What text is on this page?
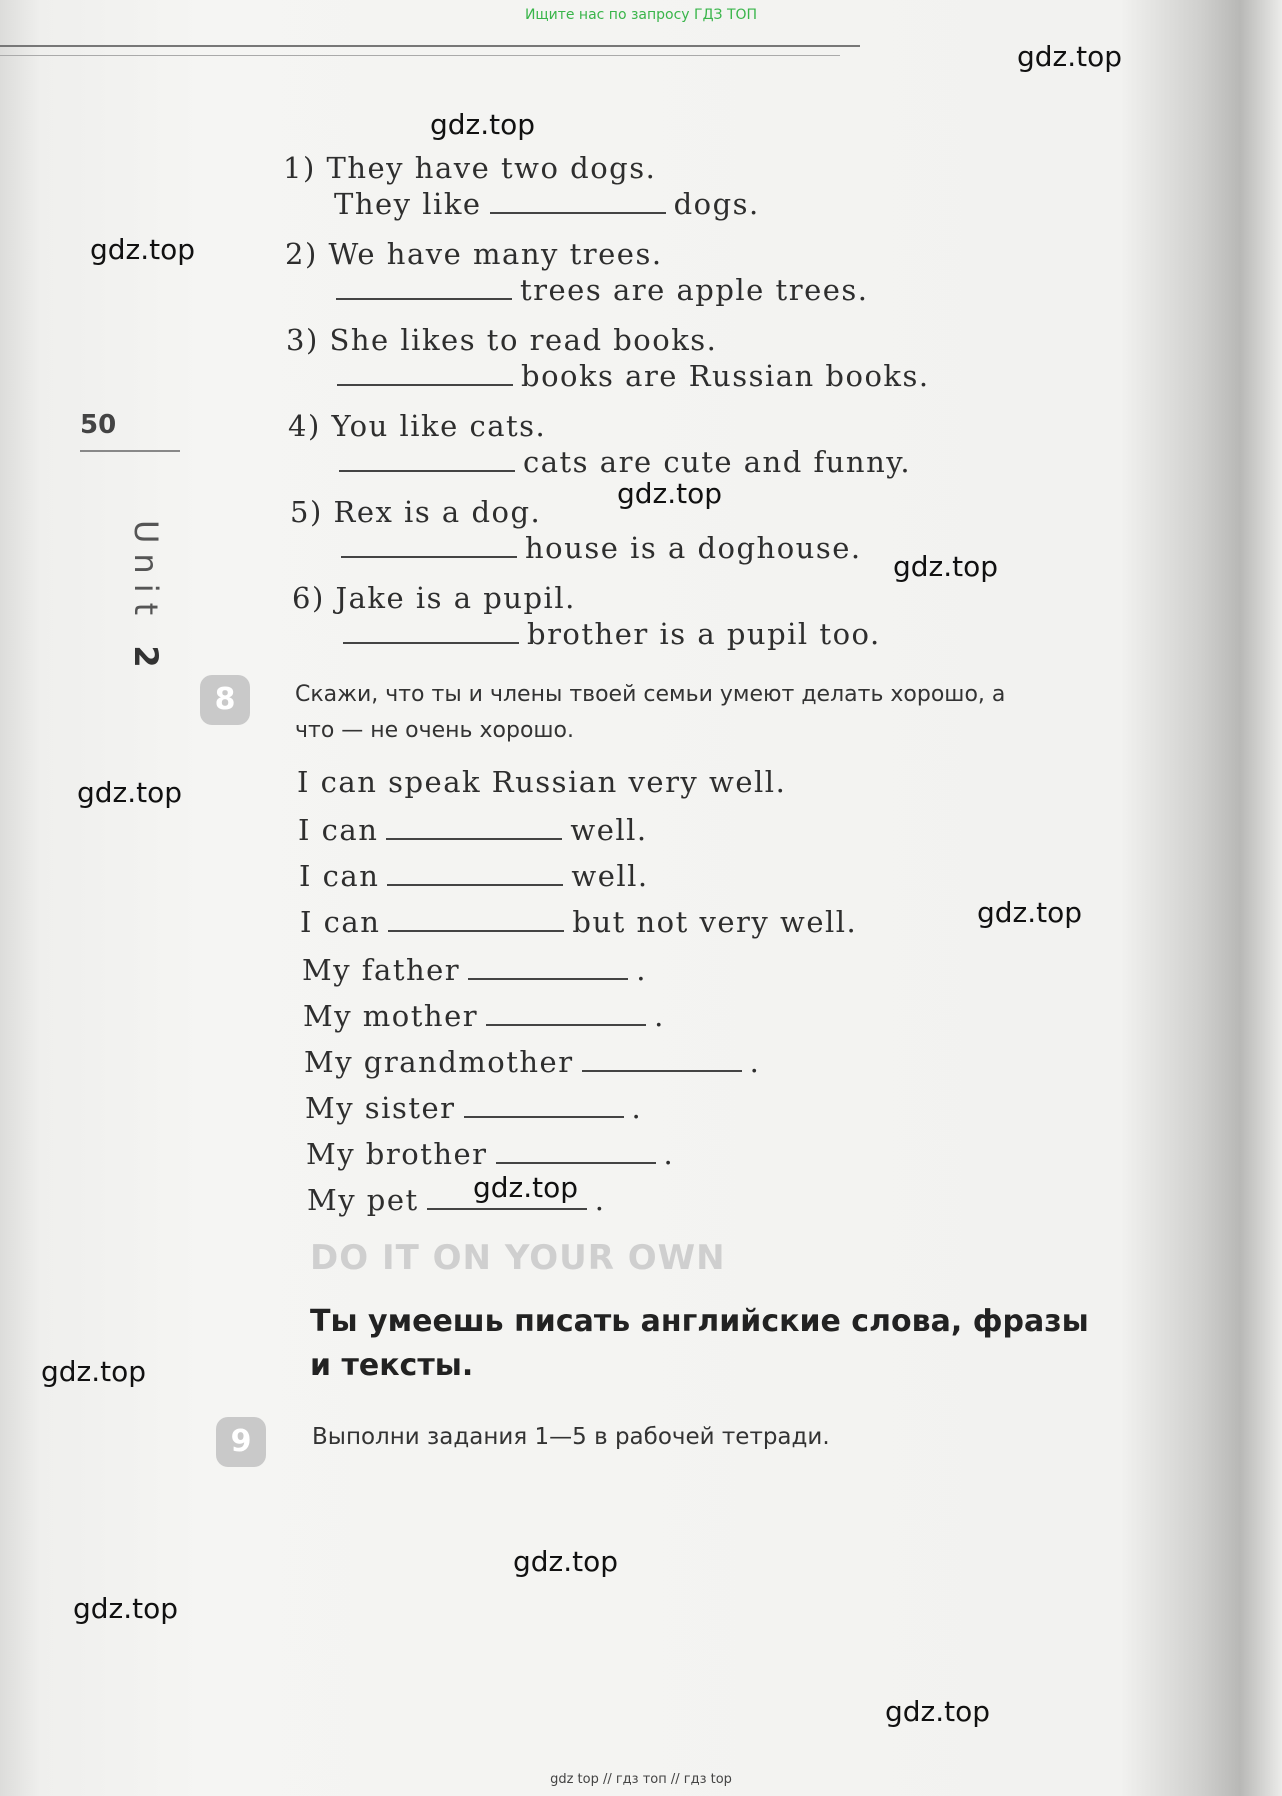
Ищите нас по запросу ГДЗ ТОП
50
Unit 2
1) They have two dogs.
They like	dogs.
2) We have many trees.
trees are apple trees.
3) She likes to read books.
books are Russian books.
4) You like cats.
cats are cute and funny.
5) Rex is a dog.
house is a doghouse.
6) Jake is a pupil.
brother is a pupil too.
8	Скажи, что ты и члены твоей семьи умеют делать хорошо, а
что — не очень хорошо.
I can speak Russian very well.
I can	well.
I can	well.
I can	but not very well.
My father	.
My mother	.
My grandmother	.
My sister	.
My brother	.
My pet	.
DO IT ON YOUR OWN
Ты умеешь писать английские слова, фразы
и тексты.
9	Выполни задания 1—5 в рабочей тетради.
gdz.top
gdz.top
gdz.top
gdz.top
gdz.top
gdz.top
gdz.top
gdz.top
gdz.top
gdz.top
gdz.top
gdz.top
gdz top // гдз топ // гдз top
